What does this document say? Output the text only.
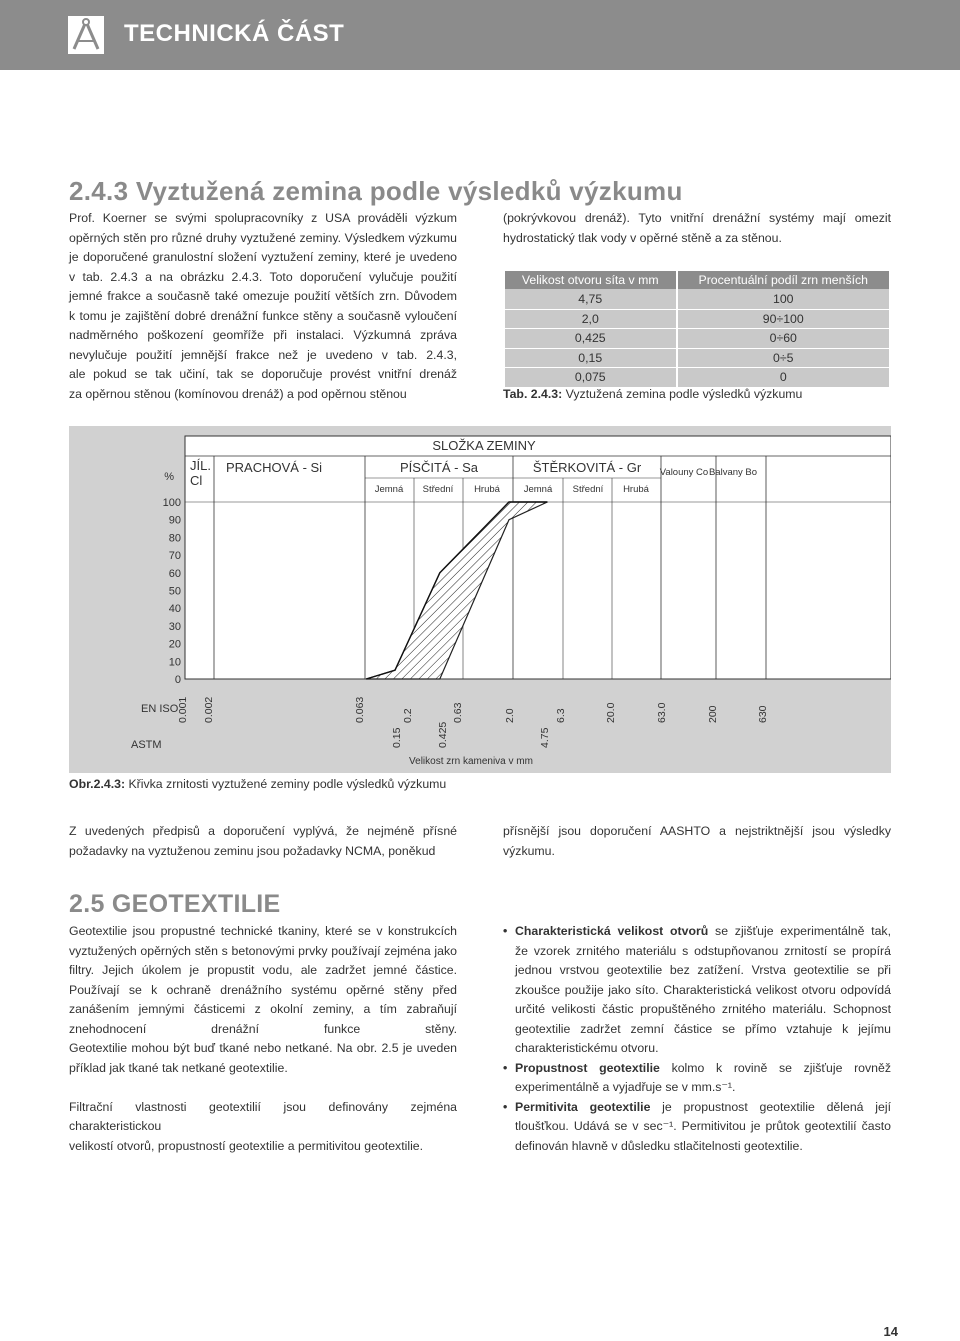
TECHNICKÁ ČÁST
2.4.3 Vyztužená zemina podle výsledků výzkumu

Prof. Koerner se svými spolupracovníky z USA prováděli výzkum

opěrných stěn pro různé druhy vyztužené zeminy. Výsledkem výzkumu

je doporučené granulostní složení vyztužení zeminy, které je uvedeno

v tab. 2.4.3 a na obrázku 2.4.3. Toto doporučení vylučuje použití

jemné frakce a současně také omezuje použití větších zrn. Důvodem

k tomu je zajištění dobré drenážní funkce stěny a současně vyloučení

nadměrného poškození geomříže při instalaci. Výzkumná zpráva

nevylučuje použití jemnější frakce než je uvedeno v tab. 2.4.3,

ale pokud se tak učiní, tak se doporučuje provést vnitřní drenáž

za opěrnou stěnou (komínovou drenáž) a pod opěrnou stěnou

(pokrývkovou drenáž). Tyto vnitřní drenážní systémy mají omezit

hydrostatický tlak vody v opěrné stěně a za stěnou.

Velikost otvoru síta v mm	Procentuální podíl zrn menších
4,75	100
2,0	90÷100
0,425	0÷60
0,15	0÷5
0,075	0
Tab. 2.4.3: Vyztužená zemina podle výsledků výzkumu
SLOŽKA ZEMINY
JÍL. Cl
PRACHOVÁ - Si	PÍSČITÁ - Sa	ŠTĚRKOVITÁ - Gr Valouny Co Balvany Bo
Jemná Střední Hrubá	Jemná Střední Hrubá
%
100
90
80
70
60
50
40
30
20
10
0
EN ISO
0.001 0.002	0.063	0.2	0.63	2.0	6.3	20.0	63.0	200	630
ASTM	0.15	0.425	4.75
Velikost zrn kameniva v mm
Obr.2.4.3: Křivka zrnitosti vyztužené zeminy podle výsledků výzkumu

Z uvedených předpisů a doporučení vyplývá, že nejméně přísné

požadavky na vyztuženou zeminu jsou požadavky NCMA, poněkud

přísnější jsou doporučení AASHTO a nejstriktnější jsou výsledky

výzkumu.

2.5 GEOTEXTILIE

Geotextilie jsou propustné technické tkaniny, které se v konstrukcích

vyztužených opěrných stěn s betonovými prvky používají zejména jako

filtry. Jejich úkolem je propustit vodu, ale zadržet jemné částice.

Používají se k ochraně drenážního systému opěrné stěny před

zanášením jemnými částicemi z okolní zeminy, a tím zabraňují

znehodnocení drenážní funkce stěny.

Geotextilie mohou být buď tkané nebo netkané. Na obr. 2.5 je uveden

příklad jak tkané tak netkané geotextilie.

Filtrační vlastnosti geotextilií jsou definovány zejména charakteristickou

velikostí otvorů, propustností geotextilie a permitivitou geotextilie.

• Charakteristická velikost otvorů se zjišťuje experimentálně tak,

že vzorek zrnitého materiálu s odstupňovanou zrnitostí se propírá

jednou vrstvou geotextilie bez zatížení. Vrstva geotextilie se při

zkoušce použije jako síto. Charakteristická velikost otvoru odpovídá

určité velikosti částic propuštěného zrnitého materiálu. Schopnost

geotextilie zadržet zemní částice se přímo vztahuje k jejímu

charakteristickému otvoru.

• Propustnost geotextilie kolmo k rovině se zjišťuje rovněž

experimentálně a vyjadřuje se v mm.s⁻¹.

• Permitivita geotextilie je propustnost geotextilie dělená její

tloušťkou. Udává se v sec⁻¹. Permitivitou je průtok geotextilií často

definován hlavně v důsledku stlačitelnosti geotextilie.

14
